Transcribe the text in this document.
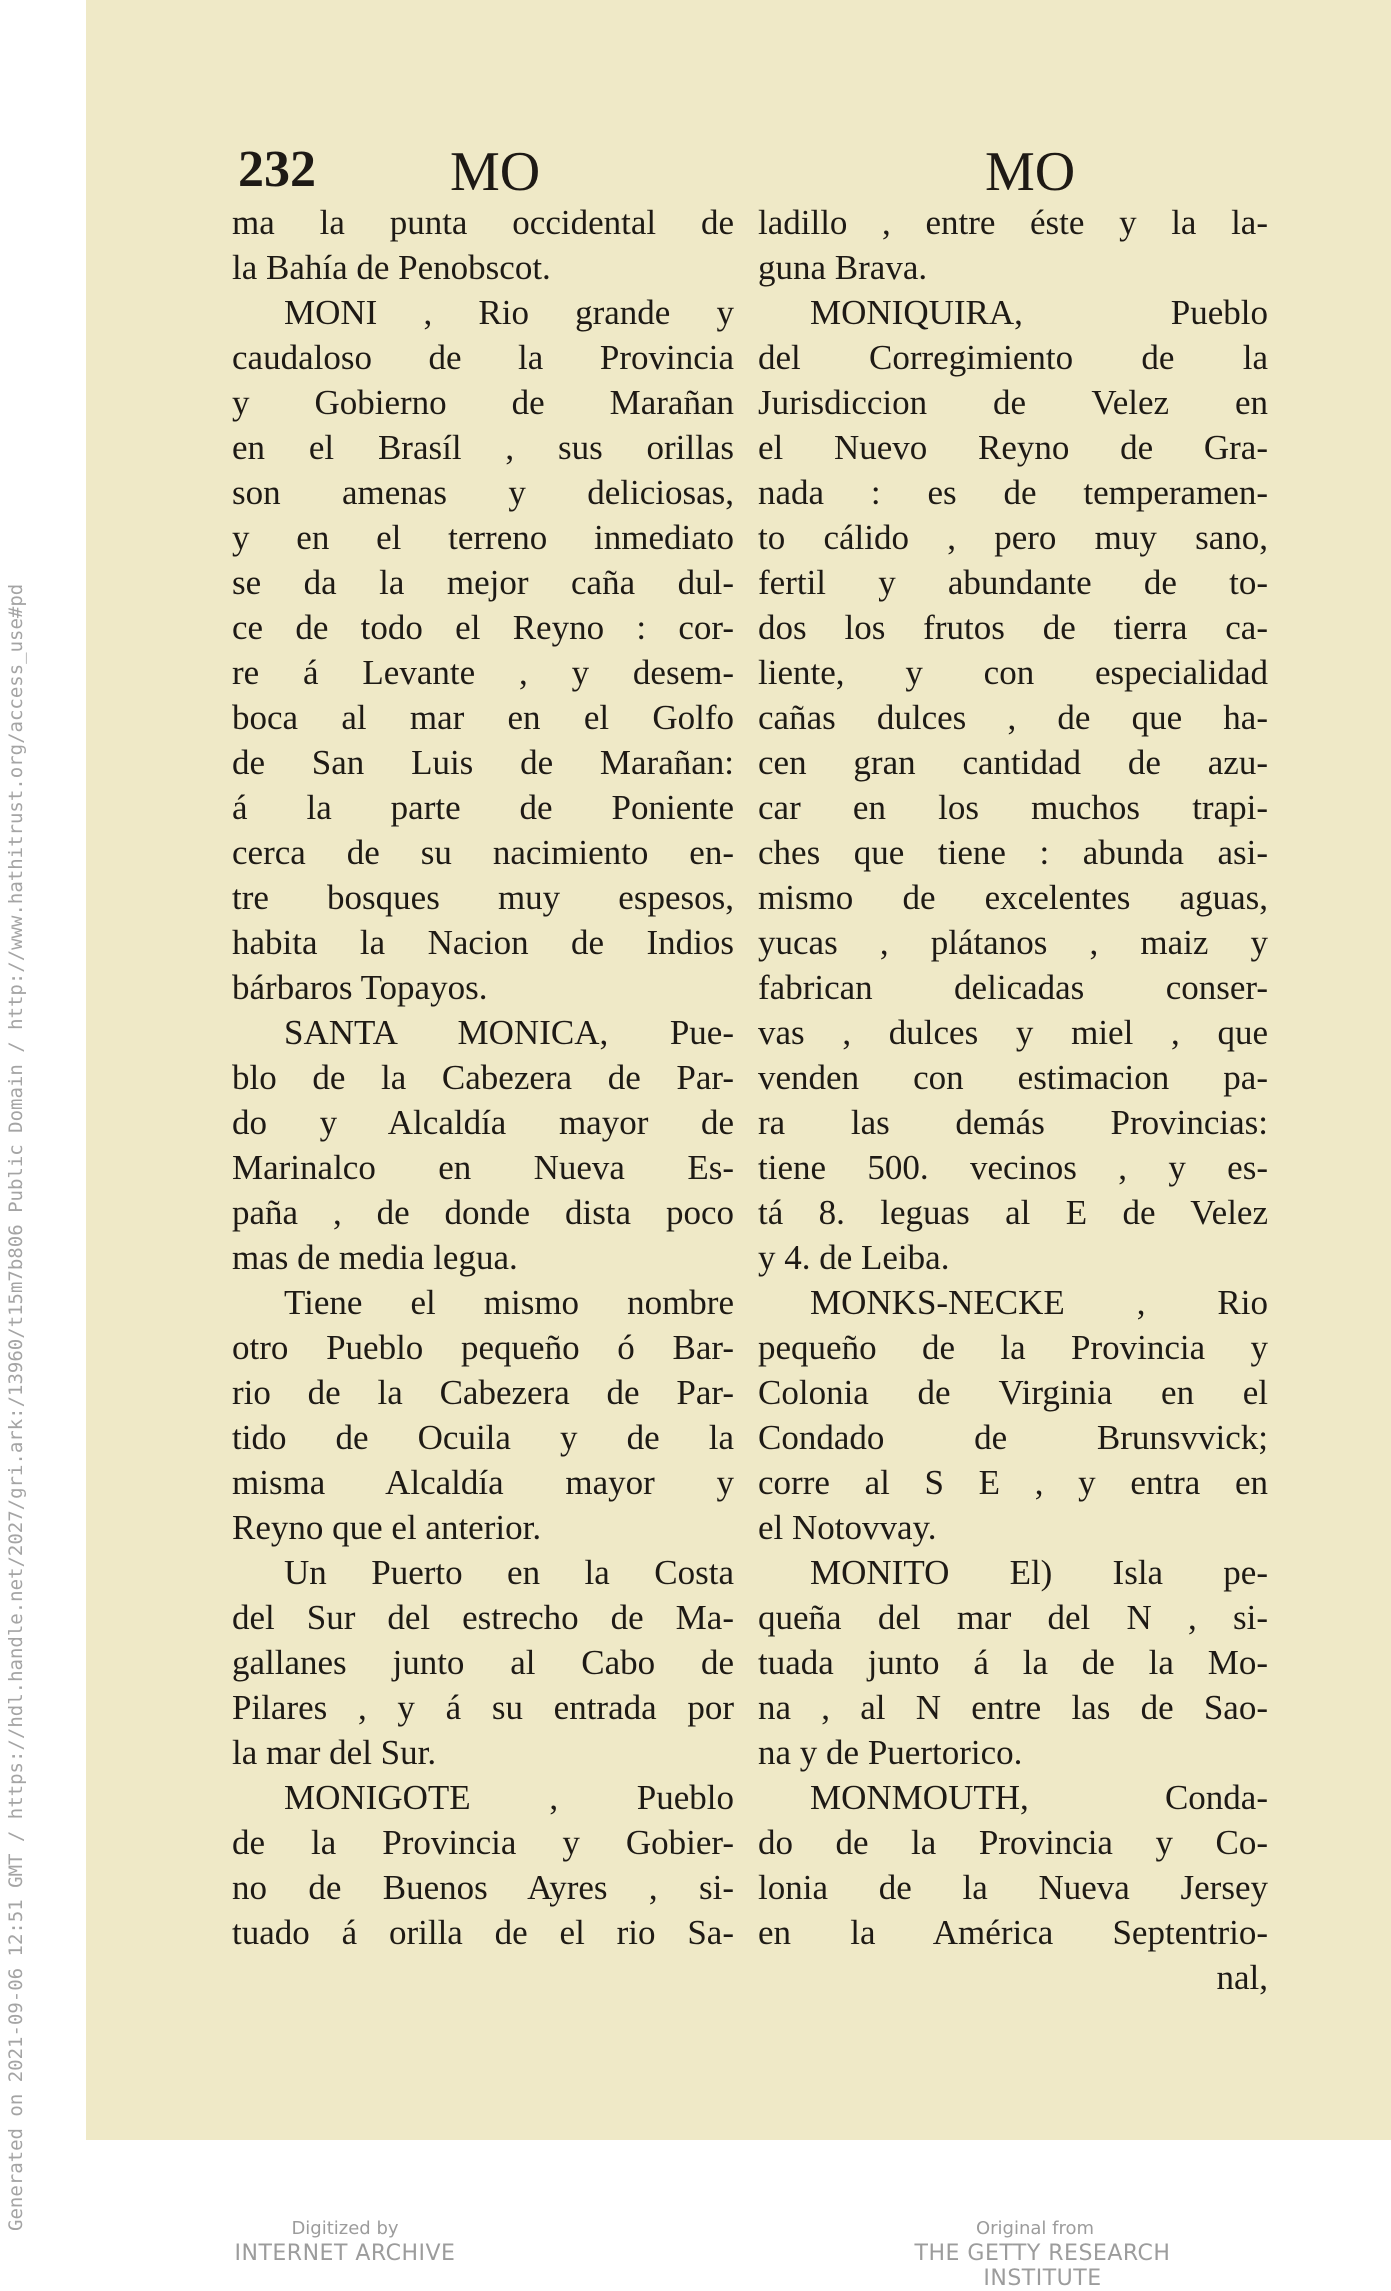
Generated on 2021-09-06 12:51 GMT / https://hdl.handle.net/2027/gri.ark:/13960/t15m7b806 Public Domain / http://www.hathitrust.org/access_use#pd
232 MO	MO
ma la punta occidental de
la Bahía de Penobscot.
MONI , Rio grande y
caudaloso de la Provincia
y Gobierno de Marañan
en el Brasíl , sus orillas
son amenas y deliciosas,
y en el terreno inmediato
se da la mejor caña dul-
ce de todo el Reyno : cor-
re á Levante , y desem-
boca al mar en el Golfo
de San Luis de Marañan:
á la parte de Poniente
cerca de su nacimiento en-
tre bosques muy espesos,
habita la Nacion de Indios
bárbaros Topayos.
SANTA MONICA, Pue-
blo de la Cabezera de Par-
do y Alcaldía mayor de
Marinalco en Nueva Es-
paña , de donde dista poco
mas de media legua.
Tiene el mismo nombre
otro Pueblo pequeño ó Bar-
rio de la Cabezera de Par-
tido de Ocuila y de la
misma Alcaldía mayor y
Reyno que el anterior.
Un Puerto en la Costa
del Sur del estrecho de Ma-
gallanes junto al Cabo de
Pilares , y á su entrada por
la mar del Sur.
MONIGOTE , Pueblo
de la Provincia y Gobier-
no de Buenos Ayres , si-
tuado á orilla de el rio Sa-
ladillo , entre éste y la la-
guna Brava.
MONIQUIRA, Pueblo
del Corregimiento de la
Jurisdiccion de Velez en
el Nuevo Reyno de Gra-
nada : es de temperamen-
to cálido , pero muy sano,
fertil y abundante de to-
dos los frutos de tierra ca-
liente, y con especialidad
cañas dulces , de que ha-
cen gran cantidad de azu-
car en los muchos trapi-
ches que tiene : abunda asi-
mismo de excelentes aguas,
yucas , plátanos , maiz y
fabrican delicadas conser-
vas , dulces y miel , que
venden con estimacion pa-
ra las demás Provincias:
tiene 500. vecinos , y es-
tá 8. leguas al E de Velez
y 4. de Leiba.
MONKS-NECKE , Rio
pequeño de la Provincia y
Colonia de Virginia en el
Condado de Brunsvvick;
corre al S E , y entra en
el Notovvay.
MONITO El) Isla pe-
queña del mar del N , si-
tuada junto á la de la Mo-
na , al N entre las de Sao-
na y de Puertorico.
MONMOUTH, Conda-
do de la Provincia y Co-
lonia de la Nueva Jersey
en la América Septentrio-
nal,
Digitized by
INTERNET ARCHIVE
Original from
THE GETTY RESEARCH INSTITUTE
